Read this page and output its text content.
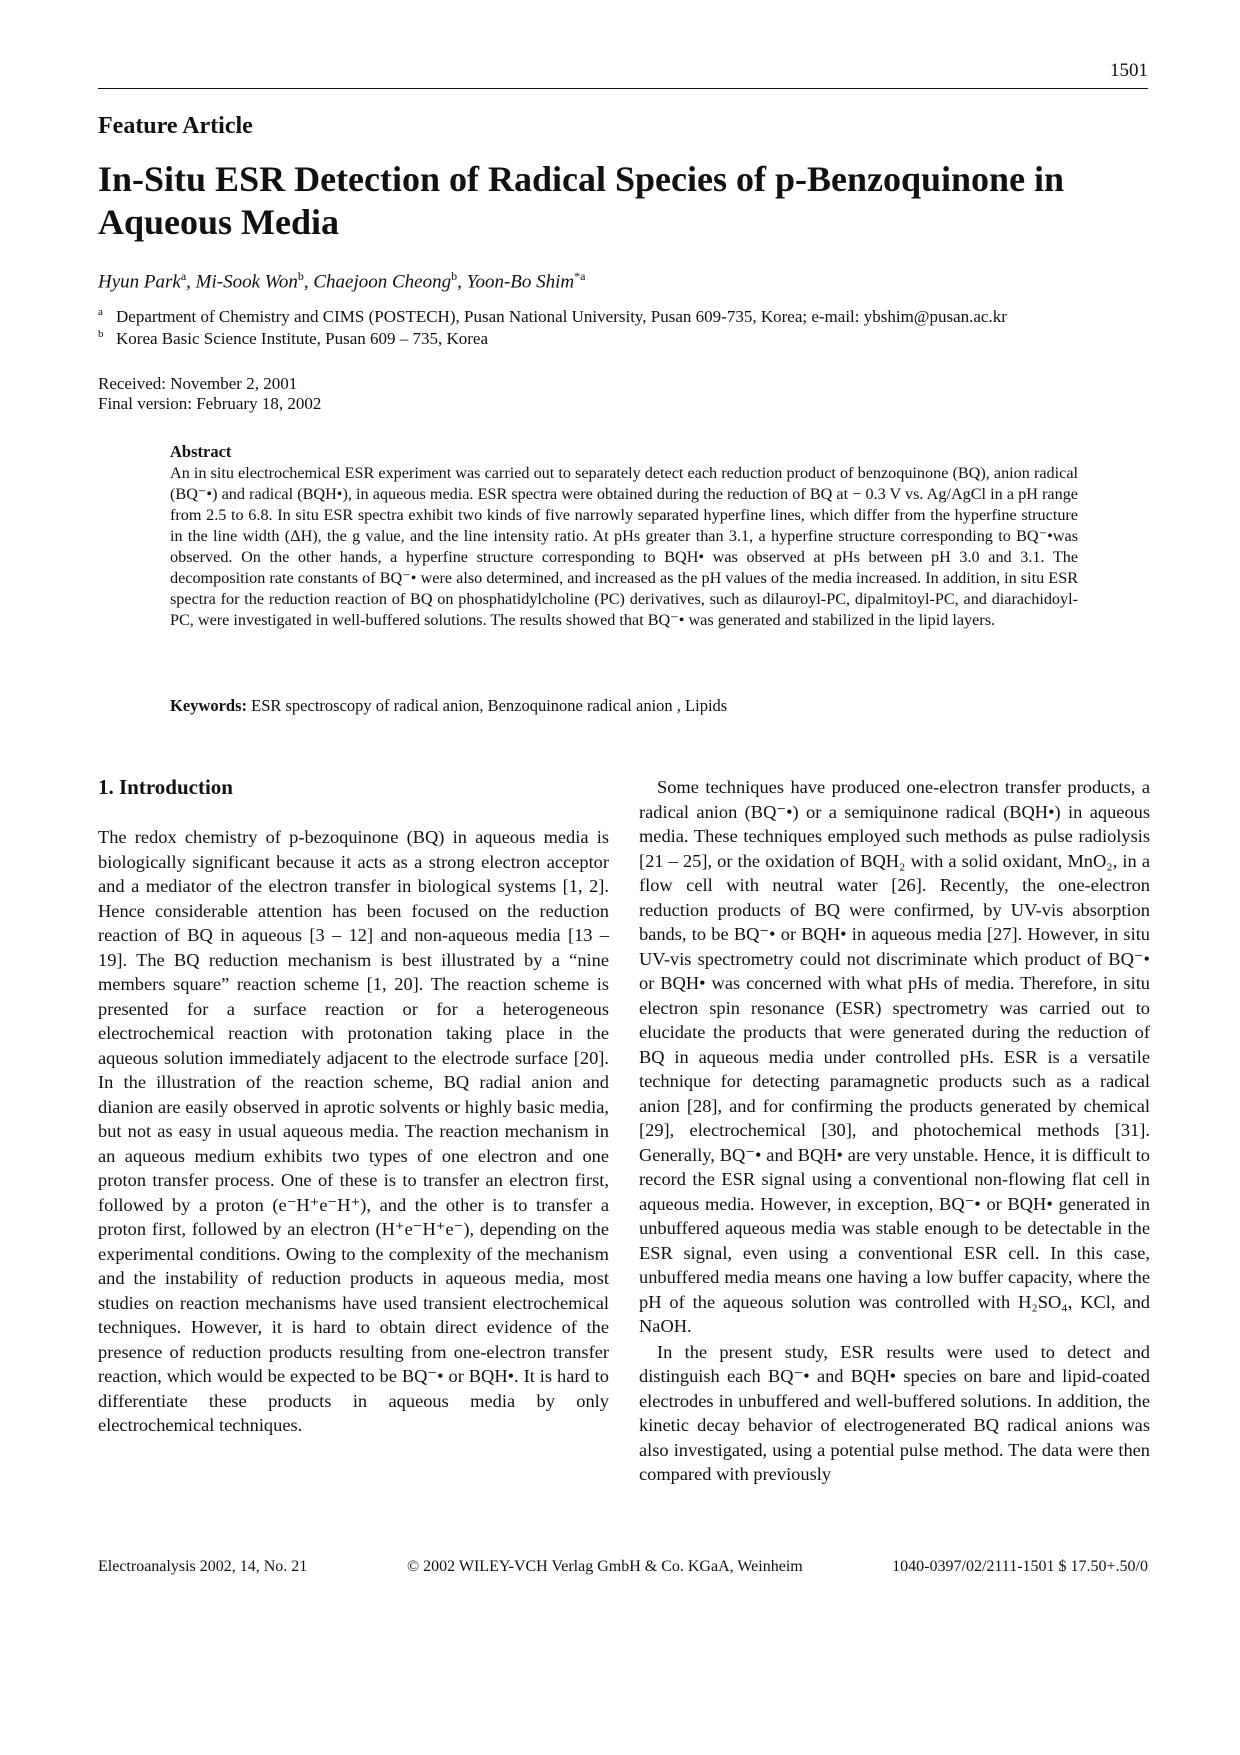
1501
Feature Article
In-Situ ESR Detection of Radical Species of p-Benzoquinone in Aqueous Media
Hyun Park$^a$, Mi-Sook Won$^b$, Chaejoon Cheong$^b$, Yoon-Bo Shim$^{*a}$
a Department of Chemistry and CIMS (POSTECH), Pusan National University, Pusan 609-735, Korea; e-mail: ybshim@pusan.ac.kr
b Korea Basic Science Institute, Pusan 609 – 735, Korea
Received: November 2, 2001
Final version: February 18, 2002
Abstract
An in situ electrochemical ESR experiment was carried out to separately detect each reduction product of benzoquinone (BQ), anion radical (BQ⁻•) and radical (BQH•), in aqueous media. ESR spectra were obtained during the reduction of BQ at − 0.3 V vs. Ag/AgCl in a pH range from 2.5 to 6.8. In situ ESR spectra exhibit two kinds of five narrowly separated hyperfine lines, which differ from the hyperfine structure in the line width (ΔH), the g value, and the line intensity ratio. At pHs greater than 3.1, a hyperfine structure corresponding to BQ⁻•was observed. On the other hands, a hyperfine structure corresponding to BQH• was observed at pHs between pH 3.0 and 3.1. The decomposition rate constants of BQ⁻• were also determined, and increased as the pH values of the media increased. In addition, in situ ESR spectra for the reduction reaction of BQ on phosphatidylcholine (PC) derivatives, such as dilauroyl-PC, dipalmitoyl-PC, and diarachidoyl-PC, were investigated in well-buffered solutions. The results showed that BQ⁻• was generated and stabilized in the lipid layers.
Keywords: ESR spectroscopy of radical anion, Benzoquinone radical anion , Lipids
1. Introduction

The redox chemistry of p-bezoquinone (BQ) in aqueous media is biologically significant because it acts as a strong electron acceptor and a mediator of the electron transfer in biological systems [1, 2]. Hence considerable attention has been focused on the reduction reaction of BQ in aqueous [3 – 12] and non-aqueous media [13 – 19]. The BQ reduction mechanism is best illustrated by a “nine members square” reaction scheme [1, 20]. The reaction scheme is presented for a surface reaction or for a heterogeneous electrochemical reaction with protonation taking place in the aqueous solution immediately adjacent to the electrode surface [20]. In the illustration of the reaction scheme, BQ radial anion and dianion are easily observed in aprotic solvents or highly basic media, but not as easy in usual aqueous media. The reaction mechanism in an aqueous medium exhibits two types of one electron and one proton transfer process. One of these is to transfer an electron first, followed by a proton (e⁻H⁺e⁻H⁺), and the other is to transfer a proton first, followed by an electron (H⁺e⁻H⁺e⁻), depending on the experimental conditions. Owing to the complexity of the mechanism and the instability of reduction products in aqueous media, most studies on reaction mechanisms have used transient electrochemical techniques. However, it is hard to obtain direct evidence of the presence of reduction products resulting from one-electron transfer reaction, which would be expected to be BQ⁻• or BQH•. It is hard to differentiate these products in aqueous media by only electrochemical techniques.

Some techniques have produced one-electron transfer products, a radical anion (BQ⁻•) or a semiquinone radical (BQH•) in aqueous media. These techniques employed such methods as pulse radiolysis [21 – 25], or the oxidation of BQH₂ with a solid oxidant, MnO₂, in a flow cell with neutral water [26]. Recently, the one-electron reduction products of BQ were confirmed, by UV-vis absorption bands, to be BQ⁻• or BQH• in aqueous media [27]. However, in situ UV-vis spectrometry could not discriminate which product of BQ⁻• or BQH• was concerned with what pHs of media. Therefore, in situ electron spin resonance (ESR) spectrometry was carried out to elucidate the products that were generated during the reduction of BQ in aqueous media under controlled pHs. ESR is a versatile technique for detecting paramagnetic products such as a radical anion [28], and for confirming the products generated by chemical [29], electrochemical [30], and photochemical methods [31]. Generally, BQ⁻• and BQH• are very unstable. Hence, it is difficult to record the ESR signal using a conventional non-flowing flat cell in aqueous media. However, in exception, BQ⁻• or BQH• generated in unbuffered aqueous media was stable enough to be detectable in the ESR signal, even using a conventional ESR cell. In this case, unbuffered media means one having a low buffer capacity, where the pH of the aqueous solution was controlled with H₂SO₄, KCl, and NaOH.

In the present study, ESR results were used to detect and distinguish each BQ⁻• and BQH• species on bare and lipid-coated electrodes in unbuffered and well-buffered solutions. In addition, the kinetic decay behavior of electrogenerated BQ radical anions was also investigated, using a potential pulse method. The data were then compared with previously

Electroanalysis 2002, 14, No. 21	© 2002 WILEY-VCH Verlag GmbH & Co. KGaA, Weinheim	1040-0397/02/2111-1501 $ 17.50+.50/0
